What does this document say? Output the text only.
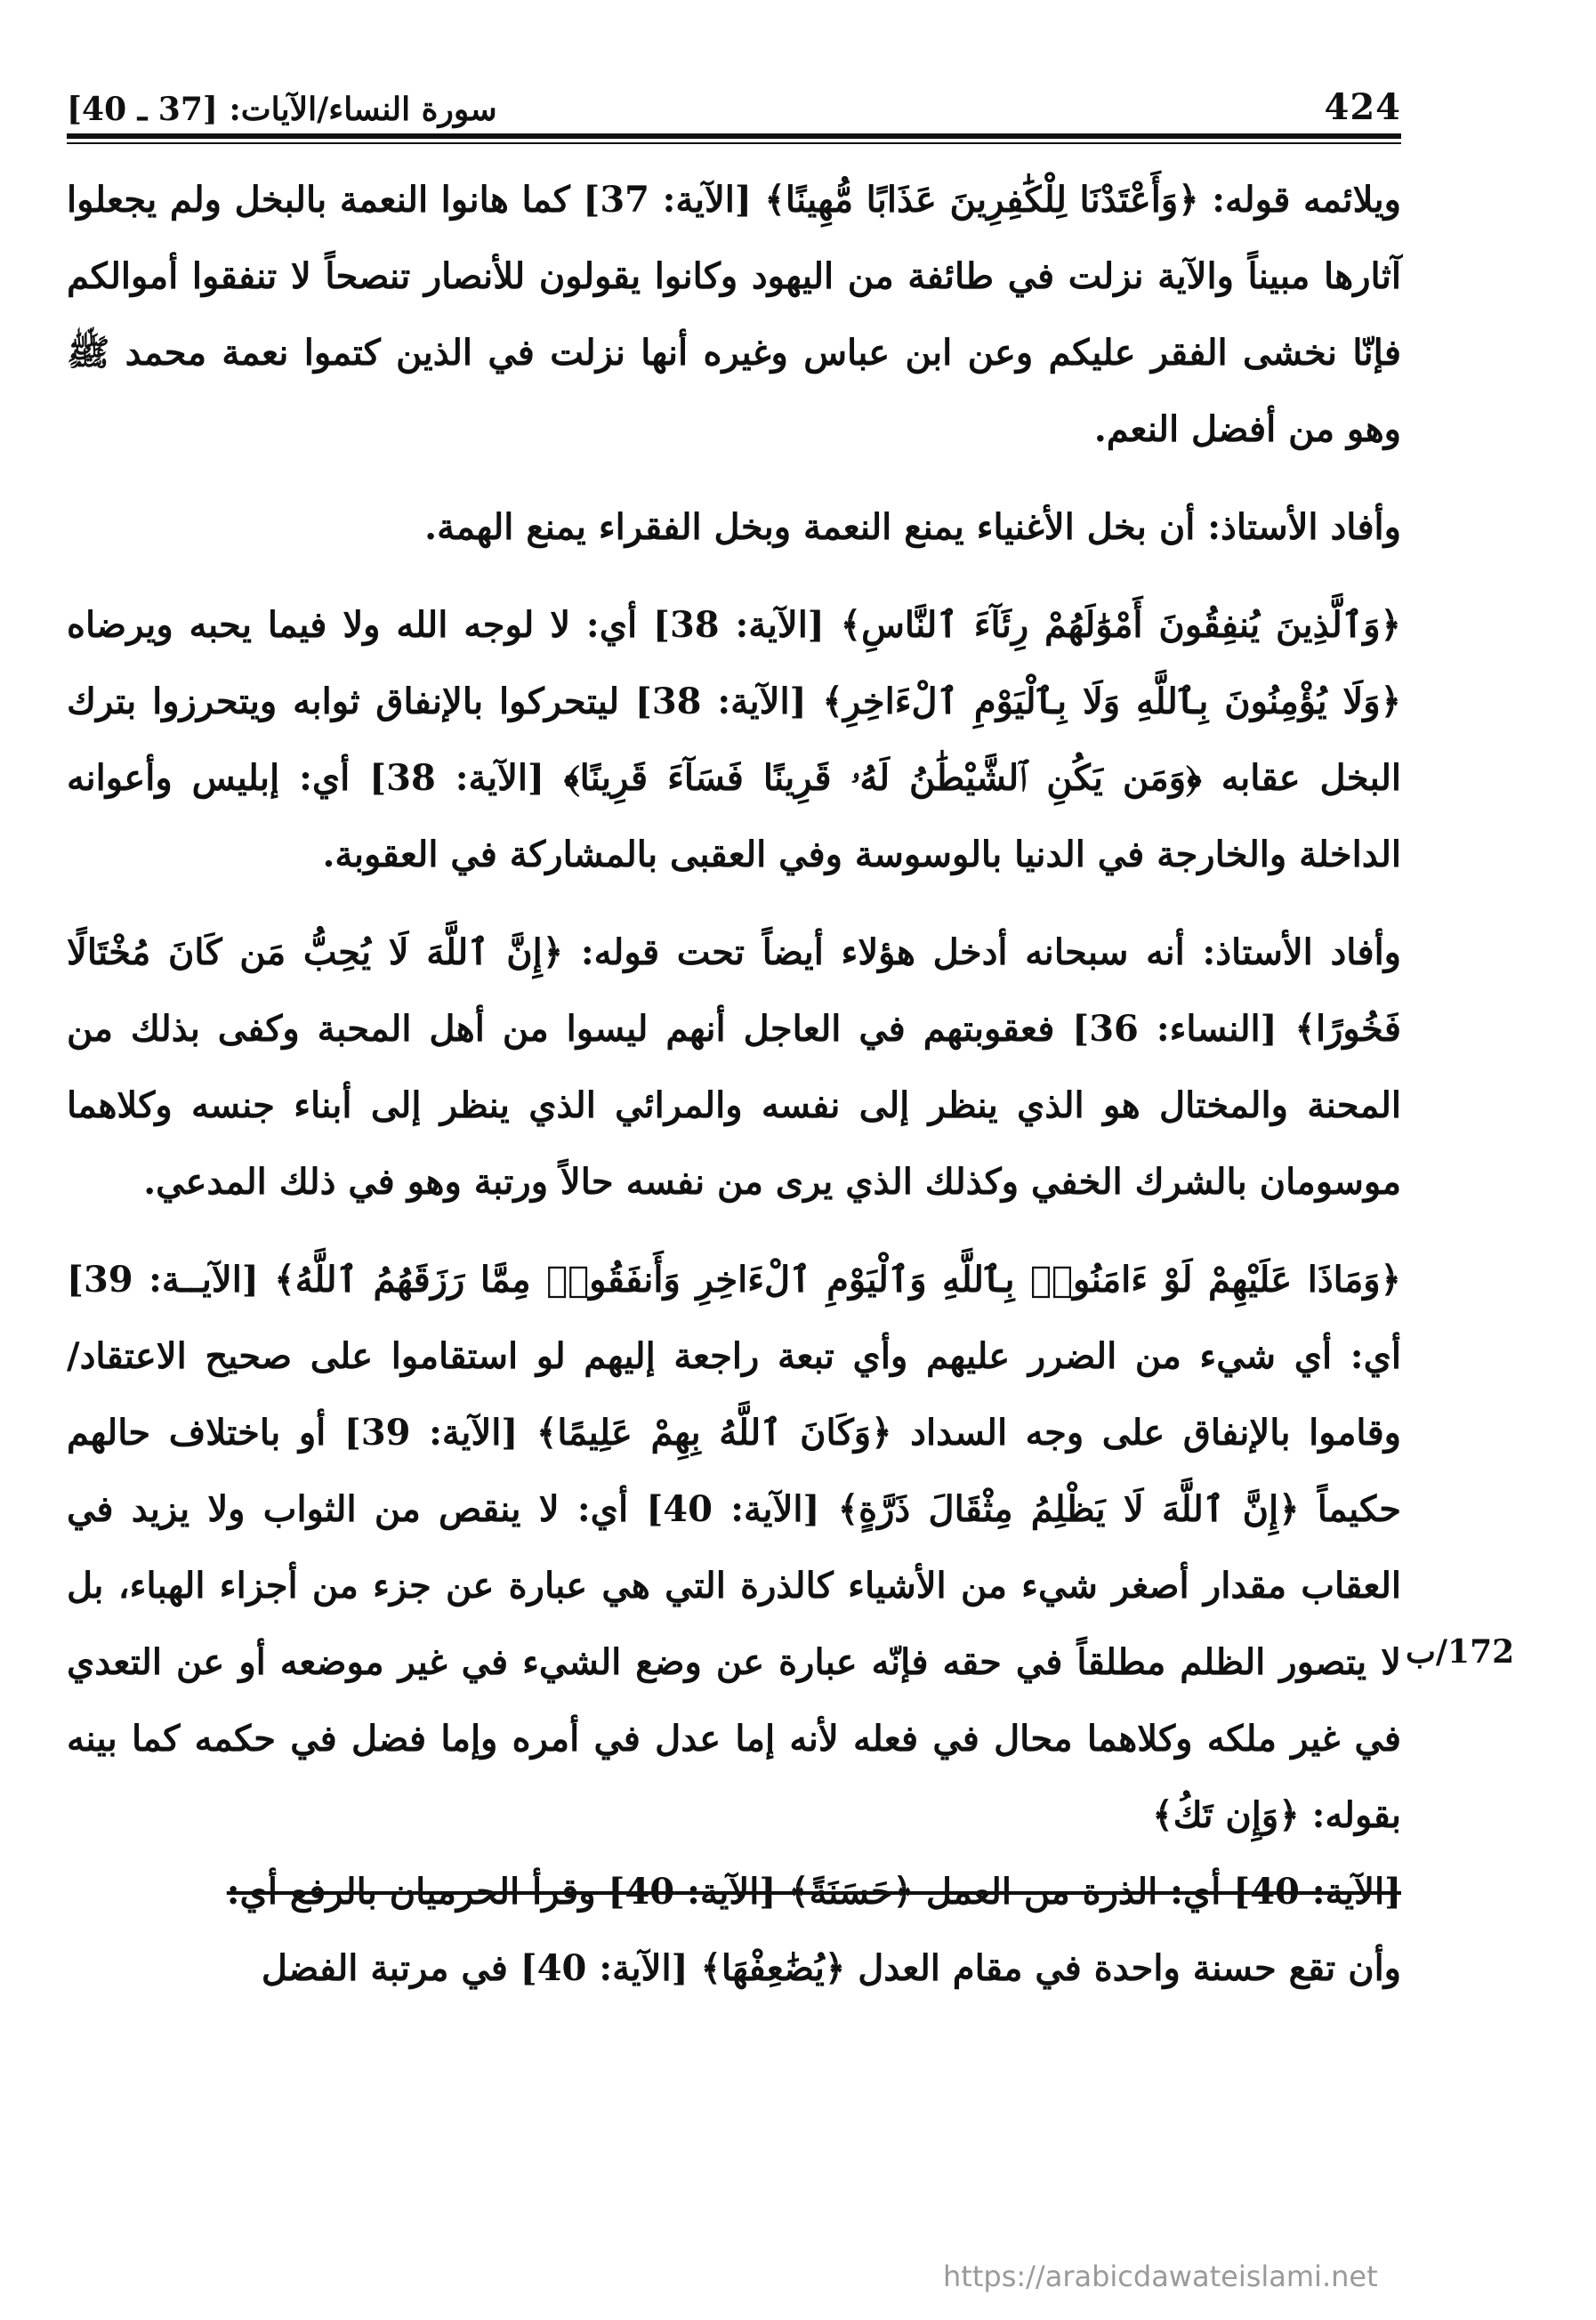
424
سورة النساء/الآيات: [37 ـ 40]
172/ب

ويلائمه قوله: ﴿وَأَعْتَدْنَا لِلْكَٰفِرِينَ عَذَابًا مُّهِينًا﴾ [الآية: 37] كما هانوا النعمة بالبخل ولم يجعلوا آثارها مبيناً والآية نزلت في طائفة من اليهود وكانوا يقولون للأنصار تنصحاً لا تنفقوا أموالكم فإنّا نخشى الفقر عليكم وعن ابن عباس وغيره أنها نزلت في الذين كتموا نعمة محمد ﷺ وهو من أفضل النعم.

وأفاد الأستاذ: أن بخل الأغنياء يمنع النعمة وبخل الفقراء يمنع الهمة.

﴿وَٱلَّذِينَ يُنفِقُونَ أَمْوَٰلَهُمْ رِئَآءَ ٱلنَّاسِ﴾ [الآية: 38] أي: لا لوجه الله ولا فيما يحبه ويرضاه ﴿وَلَا يُؤْمِنُونَ بِٱللَّهِ وَلَا بِٱلْيَوْمِ ٱلْءَاخِرِ﴾ [الآية: 38] ليتحركوا بالإنفاق ثوابه ويتحرزوا بترك البخل عقابه ﴿وَمَن يَكُنِ ٱلشَّيْطَٰنُ لَهُۥ قَرِينًا فَسَآءَ قَرِينًا﴾ [الآية: 38] أي: إبليس وأعوانه الداخلة والخارجة في الدنيا بالوسوسة وفي العقبى بالمشاركة في العقوبة.

وأفاد الأستاذ: أنه سبحانه أدخل هؤلاء أيضاً تحت قوله: ﴿إِنَّ ٱللَّهَ لَا يُحِبُّ مَن كَانَ مُخْتَالًا فَخُورًا﴾ [النساء: 36] فعقوبتهم في العاجل أنهم ليسوا من أهل المحبة وكفى بذلك من المحنة والمختال هو الذي ينظر إلى نفسه والمرائي الذي ينظر إلى أبناء جنسه وكلاهما موسومان بالشرك الخفي وكذلك الذي يرى من نفسه حالاً ورتبة وهو في ذلك المدعي.

﴿وَمَاذَا عَلَيْهِمْ لَوْ ءَامَنُوا۟ بِٱللَّهِ وَٱلْيَوْمِ ٱلْءَاخِرِ وَأَنفَقُوا۟ مِمَّا رَزَقَهُمُ ٱللَّهُ﴾ [الآيــة: 39] أي: أي شيء من الضرر عليهم وأي تبعة راجعة إليهم لو استقاموا على صحيح الاعتقاد/ وقاموا بالإنفاق على وجه السداد ﴿وَكَانَ ٱللَّهُ بِهِمْ عَلِيمًا﴾ [الآية: 39] أو باختلاف حالهم حكيماً ﴿إِنَّ ٱللَّهَ لَا يَظْلِمُ مِثْقَالَ ذَرَّةٍ﴾ [الآية: 40] أي: لا ينقص من الثواب ولا يزيد في العقاب مقدار أصغر شيء من الأشياء كالذرة التي هي عبارة عن جزء من أجزاء الهباء، بل لا يتصور الظلم مطلقاً في حقه فإنّه عبارة عن وضع الشيء في غير موضعه أو عن التعدي في غير ملكه وكلاهما محال في فعله لأنه إما عدل في أمره وإما فضل في حكمه كما بينه بقوله: ﴿وَإِن تَكُ﴾

[الآية: 40] أي: الذرة من العمل ﴿حَسَنَةً﴾ [الآية: 40] وقرأ الحرميان بالرفع أي:

وأن تقع حسنة واحدة في مقام العدل ﴿يُضَٰعِفْهَا﴾ [الآية: 40] في مرتبة الفضل

https://arabicdawateislami.net
